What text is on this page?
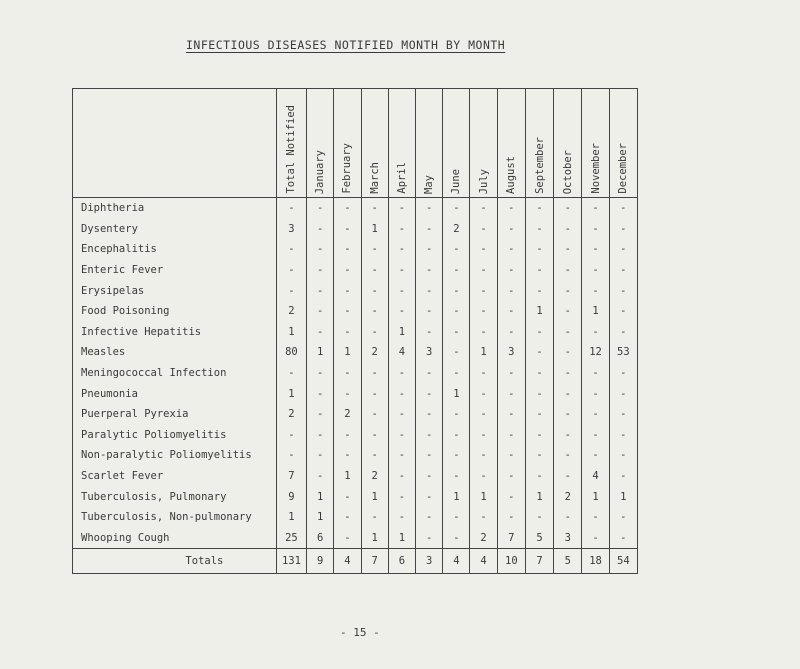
INFECTIOUS DISEASES NOTIFIED MONTH BY MONTH
	Total Notified	January	February	March	April	May	June	July	August	September	October	November	December
Diphtheria	-	-	-	-	-	-	-	-	-	-	-	-	-
Dysentery	3	-	-	1	-	-	2	-	-	-	-	-	-
Encephalitis	-	-	-	-	-	-	-	-	-	-	-	-	-
Enteric Fever	-	-	-	-	-	-	-	-	-	-	-	-	-
Erysipelas	-	-	-	-	-	-	-	-	-	-	-	-	-
Food Poisoning	2	-	-	-	-	-	-	-	-	1	-	1	-
Infective Hepatitis	1	-	-	-	1	-	-	-	-	-	-	-	-
Measles	80	1	1	2	4	3	-	1	3	-	-	12	53
Meningococcal Infection	-	-	-	-	-	-	-	-	-	-	-	-	-
Pneumonia	1	-	-	-	-	-	1	-	-	-	-	-	-
Puerperal Pyrexia	2	-	2	-	-	-	-	-	-	-	-	-	-
Paralytic Poliomyelitis	-	-	-	-	-	-	-	-	-	-	-	-	-
Non-paralytic Poliomyelitis	-	-	-	-	-	-	-	-	-	-	-	-	-
Scarlet Fever	7	-	1	2	-	-	-	-	-	-	-	4	-
Tuberculosis, Pulmonary	9	1	-	1	-	-	1	1	-	1	2	1	1
Tuberculosis, Non-pulmonary	1	1	-	-	-	-	-	-	-	-	-	-	-
Whooping Cough	25	6	-	1	1	-	-	2	7	5	3	-	-
Totals	131	9	4	7	6	3	4	4	10	7	5	18	54
- 15 -
